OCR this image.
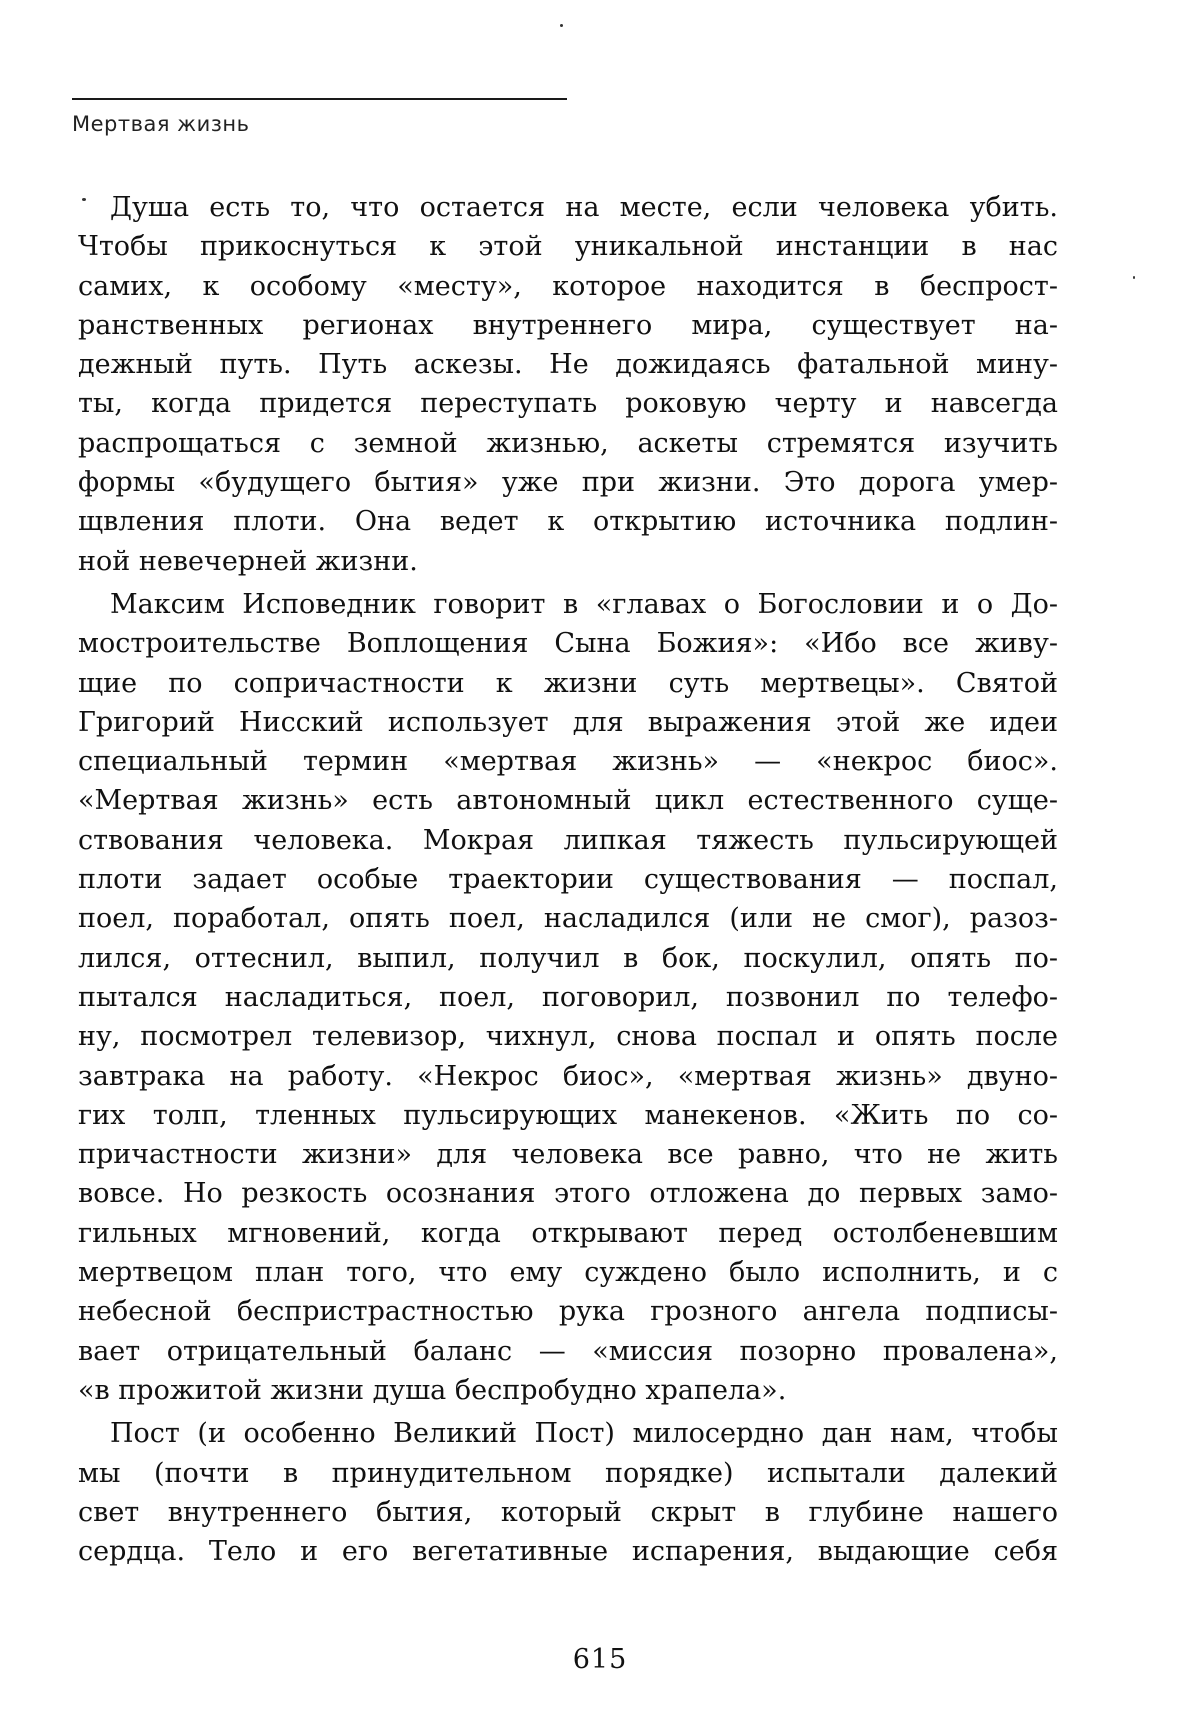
Мертвая жизнь
Душа есть то, что остается на месте, если человека убить.
Чтобы прикоснуться к этой уникальной инстанции в нас
самих, к особому «месту», которое находится в беспрост-
ранственных регионах внутреннего мира, существует на-
дежный путь. Путь аскезы. Не дожидаясь фатальной мину-
ты, когда придется переступать роковую черту и навсегда
распрощаться с земной жизнью, аскеты стремятся изучить
формы «будущего бытия» уже при жизни. Это дорога умер-
щвления плоти. Она ведет к открытию источника подлин-
ной невечерней жизни.
Максим Исповедник говорит в «главах о Богословии и о До-
мостроительстве Воплощения Сына Божия»: «Ибо все живу-
щие по сопричастности к жизни суть мертвецы». Святой
Григорий Нисский использует для выражения этой же идеи
специальный термин «мертвая жизнь» — «некрос биос».
«Мертвая жизнь» есть автономный цикл естественного суще-
ствования человека. Мокрая липкая тяжесть пульсирующей
плоти задает особые траектории существования — поспал,
поел, поработал, опять поел, насладился (или не смог), разоз-
лился, оттеснил, выпил, получил в бок, поскулил, опять по-
пытался насладиться, поел, поговорил, позвонил по телефо-
ну, посмотрел телевизор, чихнул, снова поспал и опять после
завтрака на работу. «Некрос биос», «мертвая жизнь» двуно-
гих толп, тленных пульсирующих манекенов. «Жить по со-
причастности жизни» для человека все равно, что не жить
вовсе. Но резкость осознания этого отложена до первых замо-
гильных мгновений, когда открывают перед остолбеневшим
мертвецом план того, что ему суждено было исполнить, и с
небесной беспристрастностью рука грозного ангела подписы-
вает отрицательный баланс — «миссия позорно провалена»,
«в прожитой жизни душа беспробудно храпела».
Пост (и особенно Великий Пост) милосердно дан нам, чтобы
мы (почти в принудительном порядке) испытали далекий
свет внутреннего бытия, который скрыт в глубине нашего
сердца. Тело и его вегетативные испарения, выдающие себя
615
